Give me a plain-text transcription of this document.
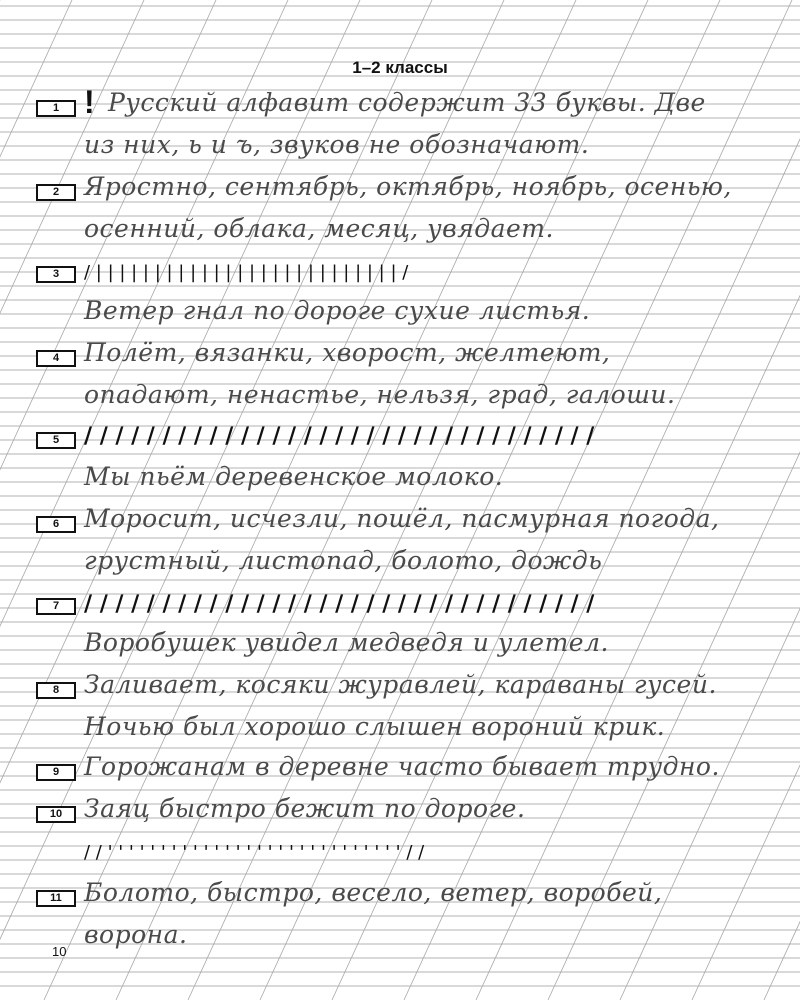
1–2 классы
1 ! Русский алфавит содержит 33 буквы. Две
из них, ь и ъ, звуков не обозначают.
2 Яростно, сентябрь, октябрь, ноябрь, осенью,
осенний, облака, месяц, увядает.
3	/ | | | | | | | | | | | | | | | | | | | | | | | | | | /
Ветер гнал по дороге сухие листья.
4 Полёт, вязанки, хворост, желтеют,
опадают, ненастье, нельзя, град, галоши.
5	/ / / / / / / / / / / / / / / / / / / / / / / / / / / / / / / / /
Мы пьём деревенское молоко.
6 Моросит, исчезли, пошёл, пасмурная погода,
грустный, листопад, болото, дождь
7	/ / / / / / / / / / / / / / / / / / / / / / / / / / / / / / / / /
Воробушек увидел медведя и улетел.
8 Заливает, косяки журавлей, караваны гусей.
Ночью был хорошо слышен вороний крик.
9 Горожанам в деревне часто бывает трудно.
10 Заяц быстро бежит по дороге.
/ / ' ' ' ' ' ' ' ' ' ' ' ' ' ' ' ' ' ' ' ' ' ' ' ' ' ' ' ' / /
11 Болото, быстро, весело, ветер, воробей,
ворона.
10
